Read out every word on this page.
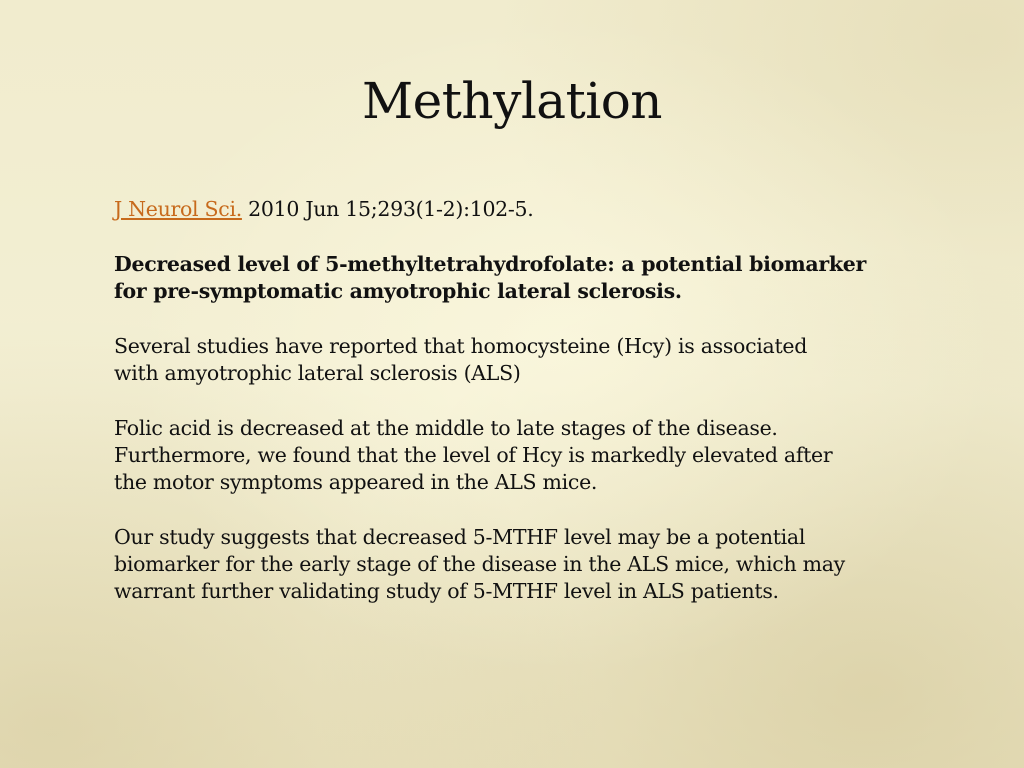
Methylation

J Neurol Sci. 2010 Jun 15;293(1-2):102-5.

Decreased level of 5-methyltetrahydrofolate: a potential biomarker
for pre-symptomatic amyotrophic lateral sclerosis.

Several studies have reported that homocysteine (Hcy) is associated
with amyotrophic lateral sclerosis (ALS)

Folic acid is decreased at the middle to late stages of the disease.
Furthermore, we found that the level of Hcy is markedly elevated after
the motor symptoms appeared in the ALS mice.

Our study suggests that decreased 5-MTHF level may be a potential
biomarker for the early stage of the disease in the ALS mice, which may
warrant further validating study of 5-MTHF level in ALS patients.
